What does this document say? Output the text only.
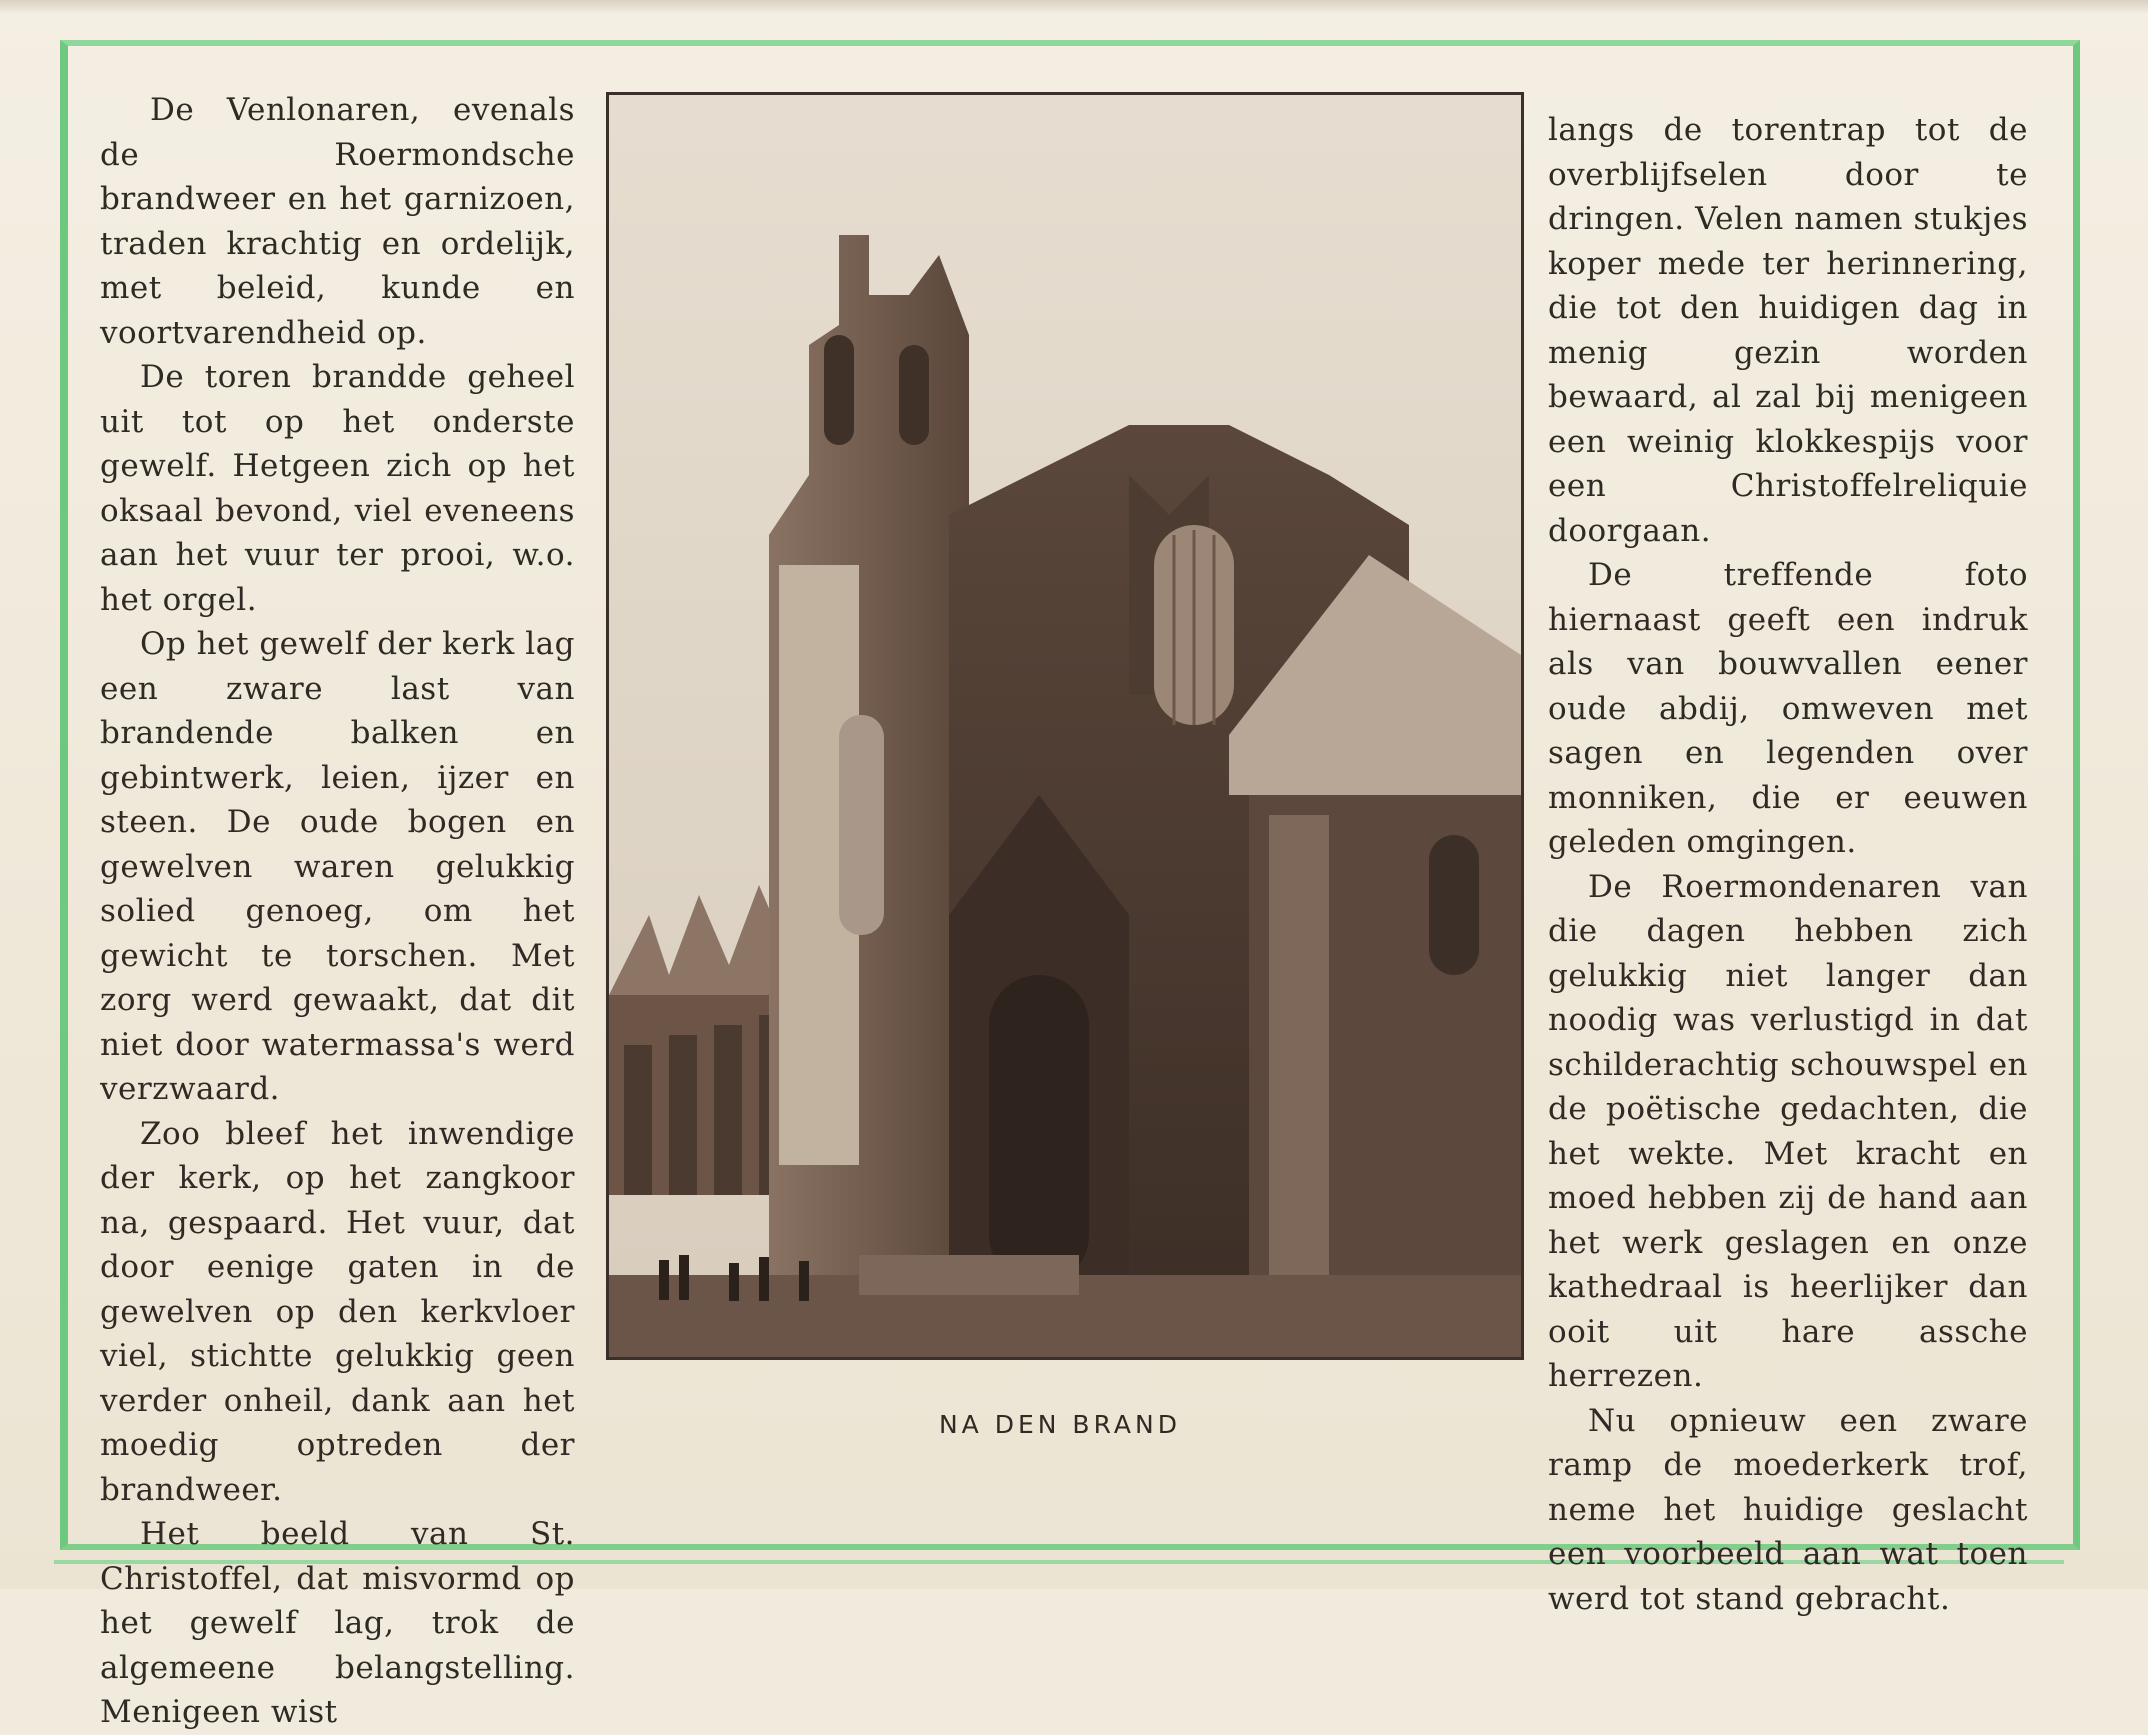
De Venlonaren, evenals de Roermondsche brandweer en het garnizoen, traden krachtig en ordelijk, met beleid, kunde en voortvarendheid op.

De toren brandde geheel uit tot op het onderste gewelf. Hetgeen zich op het oksaal bevond, viel eveneens aan het vuur ter prooi, w.o. het orgel.

Op het gewelf der kerk lag een zware last van brandende balken en gebintwerk, leien, ijzer en steen. De oude bogen en gewelven waren gelukkig solied genoeg, om het gewicht te torschen. Met zorg werd gewaakt, dat dit niet door watermassa's werd verzwaard.

Zoo bleef het inwendige der kerk, op het zangkoor na, gespaard. Het vuur, dat door eenige gaten in de gewelven op den kerkvloer viel, stichtte gelukkig geen verder onheil, dank aan het moedig optreden der brandweer.

Het beeld van St. Christoffel, dat misvormd op het gewelf lag, trok de algemeene belangstelling. Menigeen wist

NA DEN BRAND

langs de torentrap tot de overblijfselen door te dringen. Velen namen stukjes koper mede ter herinnering, die tot den huidigen dag in menig gezin worden bewaard, al zal bij menigeen een weinig klokkespijs voor een Christoffelreliquie doorgaan.

De treffende foto hiernaast geeft een indruk als van bouwvallen eener oude abdij, omweven met sagen en legenden over monniken, die er eeuwen geleden omgingen.

De Roermondenaren van die dagen hebben zich gelukkig niet langer dan noodig was verlustigd in dat schilderachtig schouwspel en de poëtische gedachten, die het wekte. Met kracht en moed hebben zij de hand aan het werk geslagen en onze kathedraal is heerlijker dan ooit uit hare assche herrezen.

Nu opnieuw een zware ramp de moederkerk trof, neme het huidige geslacht een voorbeeld aan wat toen werd tot stand gebracht.
